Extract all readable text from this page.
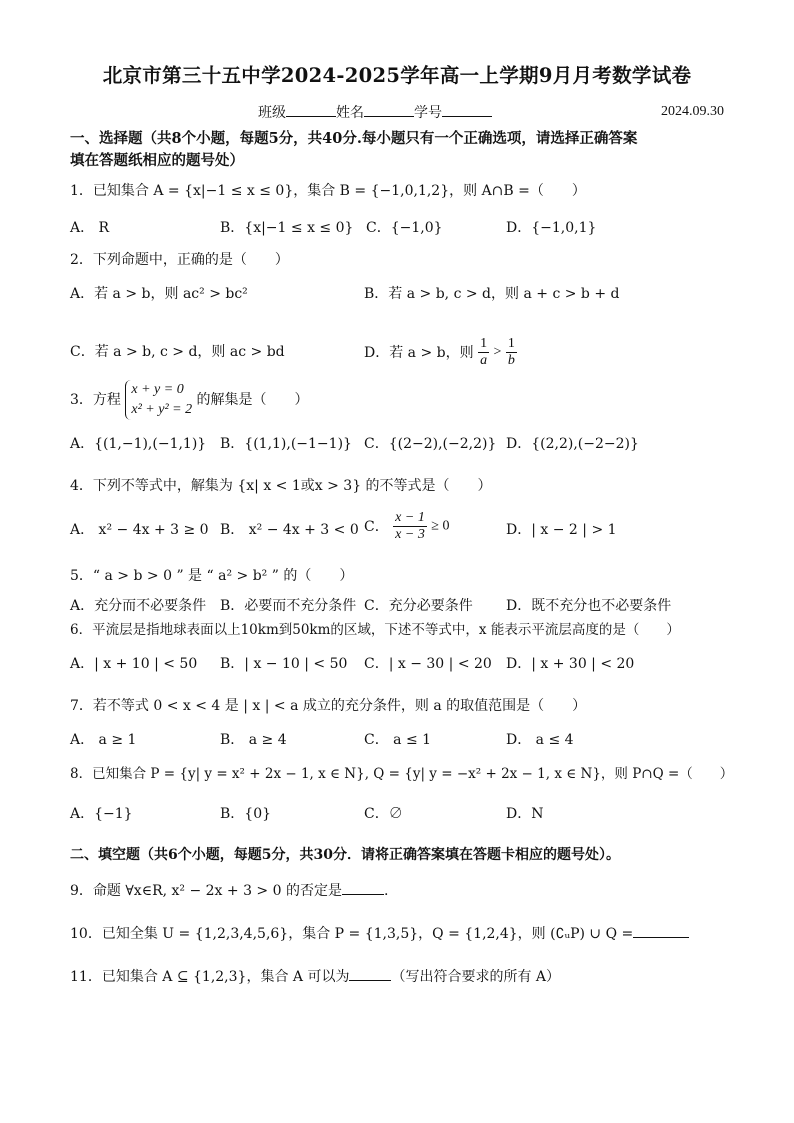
北京市第三十五中学2024-2025学年高一上学期9月月考数学试卷
班级	姓名	学号	2024.09.30

一、选择题（共8个小题，每题5分，共40分.每小题只有一个正确选项，请选择正确答案

填在答题纸相应的题号处）

1．已知集合 A = {x|−1 ≤ x ≤ 0}，集合 B = {−1,0,1,2}，则 A∩B =（　　）

A． R	B．{x|−1 ≤ x ≤ 0} C．{−1,0}	D．{−1,0,1}

2．下列命题中，正确的是（　　）

A．若 a > b，则 ac² > bc²	B．若 a > b, c > d，则 a + c > b + d
C．若 a > b, c > d，则 ac > bd	D．若 a > b，则 $\frac{1}{a} > \frac{1}{b}$
3．方程
x + y = 0
x² + y² = 2
的解集是（　　）
A．{(1,−1),(−1,1)} B．{(1,1),(−1−1)} C．{(2−2),(−2,2)} D．{(2,2),(−2−2)}

4．下列不等式中，解集为 {x| x < 1或x > 3} 的不等式是（　　）

A． x² − 4x + 3 ≥ 0 B． x² − 4x + 3 < 0 C． $\frac{x - 1}{x - 3} \ge 0$	D．| x − 2 | > 1

5．“ a > b > 0 ” 是 “ a² > b² ” 的（　　）

A．充分而不必要条件 B．必要而不充分条件 C．充分必要条件 D．既不充分也不必要条件

6．平流层是指地球表面以上10km到50km的区域，下述不等式中，x 能表示平流层高度的是（　　）

A．| x + 10 | < 50 B．| x − 10 | < 50 C．| x − 30 | < 20 D．| x + 30 | < 20

7．若不等式 0 < x < 4 是 | x | < a 成立的充分条件，则 a 的取值范围是（　　）

A． a ≥ 1	B． a ≥ 4	C． a ≤ 1	D． a ≤ 4

8．已知集合 P = {y| y = x² + 2x − 1, x ∈ N}, Q = {y| y = −x² + 2x − 1, x ∈ N}，则 P∩Q =（　　）

A．{−1}	B．{0}	C．∅	D．N

二、填空题（共6个小题，每题5分，共30分．请将正确答案填在答题卡相应的题号处）。

9．命题 ∀x∈R, x² − 2x + 3 > 0 的否定是	.

10．已知全集 U = {1,2,3,4,5,6}，集合 P = {1,3,5}，Q = {1,2,4}，则 (∁ᵤP) ∪ Q =

11．已知集合 A ⊆ {1,2,3}，集合 A 可以为	（写出符合要求的所有 A）
